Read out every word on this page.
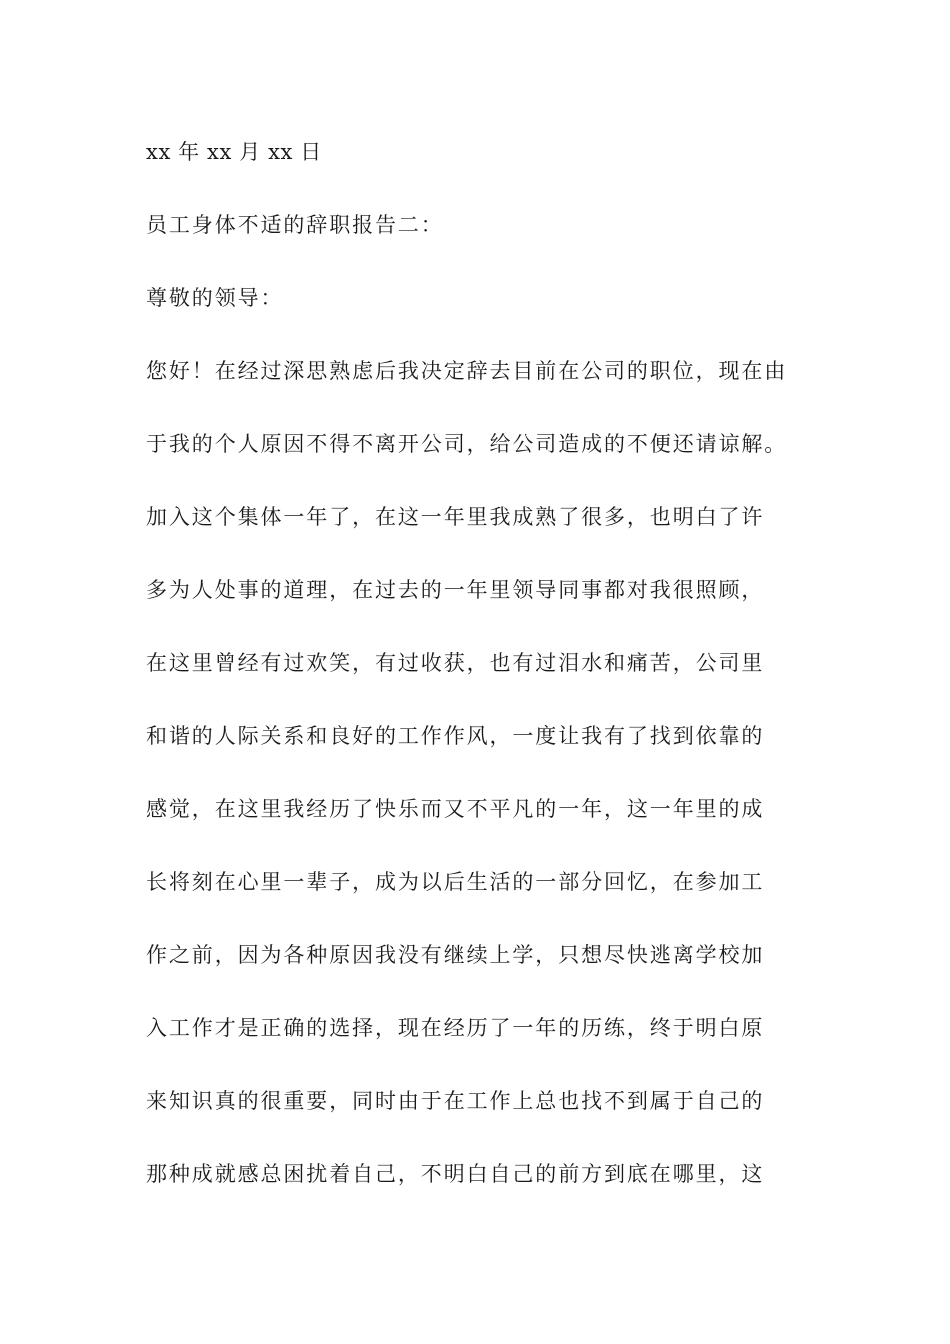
xx 年 xx 月 xx 日
员工身体不适的辞职报告二：
尊敬的领导：
您好！在经过深思熟虑后我决定辞去目前在公司的职位，现在由
于我的个人原因不得不离开公司，给公司造成的不便还请谅解。
加入这个集体一年了，在这一年里我成熟了很多，也明白了许
多为人处事的道理，在过去的一年里领导同事都对我很照顾，
在这里曾经有过欢笑，有过收获，也有过泪水和痛苦，公司里
和谐的人际关系和良好的工作作风，一度让我有了找到依靠的
感觉，在这里我经历了快乐而又不平凡的一年，这一年里的成
长将刻在心里一辈子，成为以后生活的一部分回忆，在参加工
作之前，因为各种原因我没有继续上学，只想尽快逃离学校加
入工作才是正确的选择，现在经历了一年的历练，终于明白原
来知识真的很重要，同时由于在工作上总也找不到属于自己的
那种成就感总困扰着自己，不明白自己的前方到底在哪里，这
